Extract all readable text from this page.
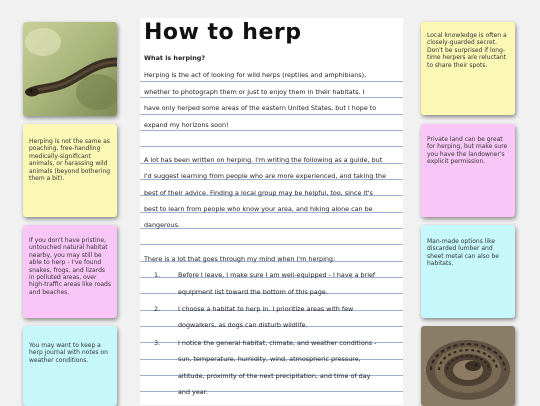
Herping is not the same as poaching, free-handling medically-significant animals, or harassing wild animals (beyond bothering them a bit).
If you don't have pristine, untouched natural habitat nearby, you may still be able to herp - I've found snakes, frogs, and lizards in polluted areas, over high-traffic areas like roads and beaches.
You may want to keep a herp journal with notes on weather conditions.
How to herp
What is herping?
Herping is the act of looking for wild herps (reptiles and amphibians),
whether to photograph them or just to enjoy them in their habitats. I
have only herped some areas of the eastern United States, but I hope to
expand my horizons soon!
A lot has been written on herping. I'm writing the following as a guide, but
I'd suggest learning from people who are more experienced, and taking the
best of their advice. Finding a local group may be helpful, too, since it's
best to learn from people who know your area, and hiking alone can be
dangerous.
There is a lot that goes through my mind when I'm herping:
1.	Before I leave, I make sure I am well-equipped - I have a brief
equipment list toward the bottom of this page.
2.	I choose a habitat to herp in. I prioritize areas with few
dogwalkers, as dogs can disturb wildlife.
3.	I notice the general habitat, climate, and weather conditions -
sun, temperature, humidity, wind, atmospheric pressure,
altitude, proximity of the next precipitation, and time of day
and year.
Local knowledge is often a closely-guarded secret. Don't be surprised if long-time herpers are reluctant to share their spots.
Private land can be great for herping, but make sure you have the landowner's explicit permission.
Man-made options like discarded lumber and sheet metal can also be habitats.
